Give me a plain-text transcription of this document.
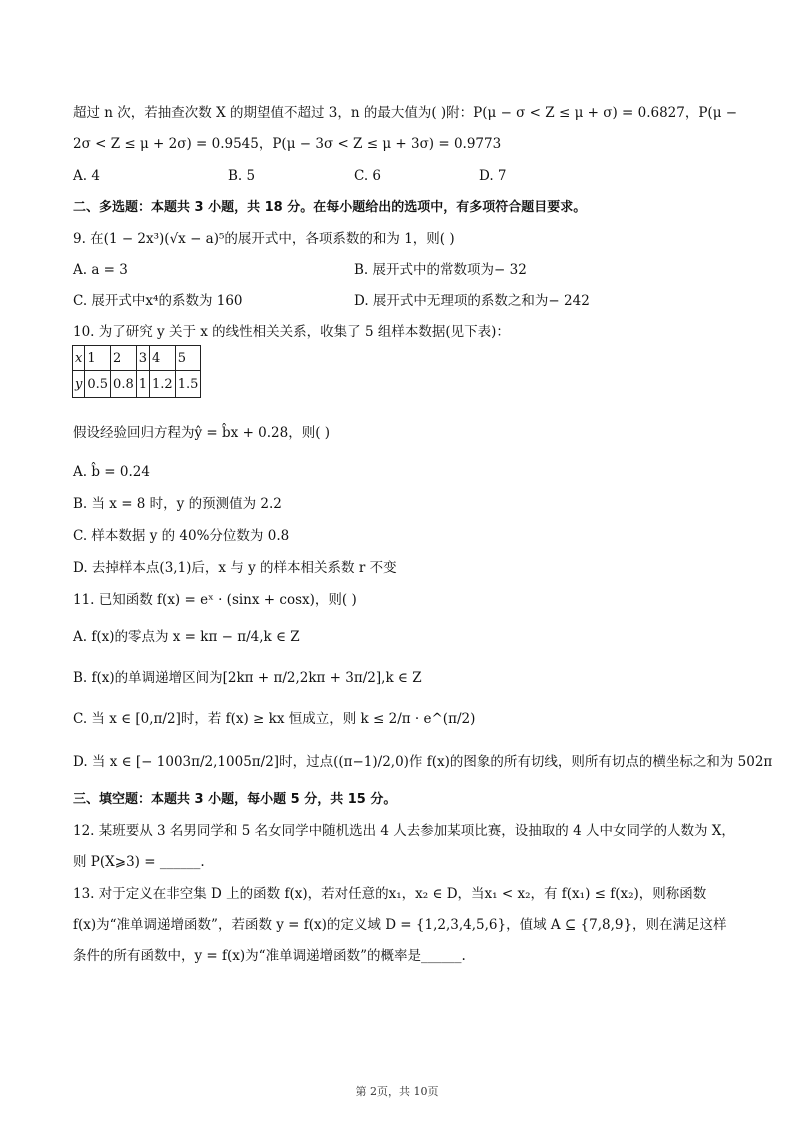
超过 n 次，若抽查次数 X 的期望值不超过 3，n 的最大值为( )附：P(μ − σ < Z ≤ μ + σ) = 0.6827，P(μ −
2σ < Z ≤ μ + 2σ) = 0.9545，P(μ − 3σ < Z ≤ μ + 3σ) = 0.9773
A. 4	B. 5	C. 6	D. 7
二、多选题：本题共 3 小题，共 18 分。在每小题给出的选项中，有多项符合题目要求。
9. 在(1 − 2x³)(√x − a)⁵的展开式中，各项系数的和为 1，则( )
A. a = 3	B. 展开式中的常数项为− 32
C. 展开式中x⁴的系数为 160	D. 展开式中无理项的系数之和为− 242
10. 为了研究 y 关于 x 的线性相关关系，收集了 5 组样本数据(见下表)：
x	1	2	3	4	5
y	0.5	0.8	1	1.2	1.5
假设经验回归方程为ŷ = b̂x + 0.28，则( )
A. b̂ = 0.24
B. 当 x = 8 时，y 的预测值为 2.2
C. 样本数据 y 的 40%分位数为 0.8
D. 去掉样本点(3,1)后，x 与 y 的样本相关系数 r 不变
11. 已知函数 f(x) = eˣ · (sinx + cosx)，则( )
A. f(x)的零点为 x = kπ − π/4,k ∈ Z
B. f(x)的单调递增区间为[2kπ + π/2,2kπ + 3π/2],k ∈ Z
C. 当 x ∈ [0,π/2]时，若 f(x) ≥ kx 恒成立，则 k ≤ 2/π · e^(π/2)
D. 当 x ∈ [− 1003π/2,1005π/2]时，过点((π−1)/2,0)作 f(x)的图象的所有切线，则所有切点的横坐标之和为 502π
三、填空题：本题共 3 小题，每小题 5 分，共 15 分。
12. 某班要从 3 名男同学和 5 名女同学中随机选出 4 人去参加某项比赛，设抽取的 4 人中女同学的人数为 X，
则 P(X⩾3) = ______.
13. 对于定义在非空集 D 上的函数 f(x)，若对任意的x₁，x₂ ∈ D，当x₁ < x₂，有 f(x₁) ≤ f(x₂)，则称函数
f(x)为“准单调递增函数”，若函数 y = f(x)的定义域 D = {1,2,3,4,5,6}，值域 A ⊆ {7,8,9}，则在满足这样
条件的所有函数中，y = f(x)为“准单调递增函数”的概率是______.
第 2页，共 10页
